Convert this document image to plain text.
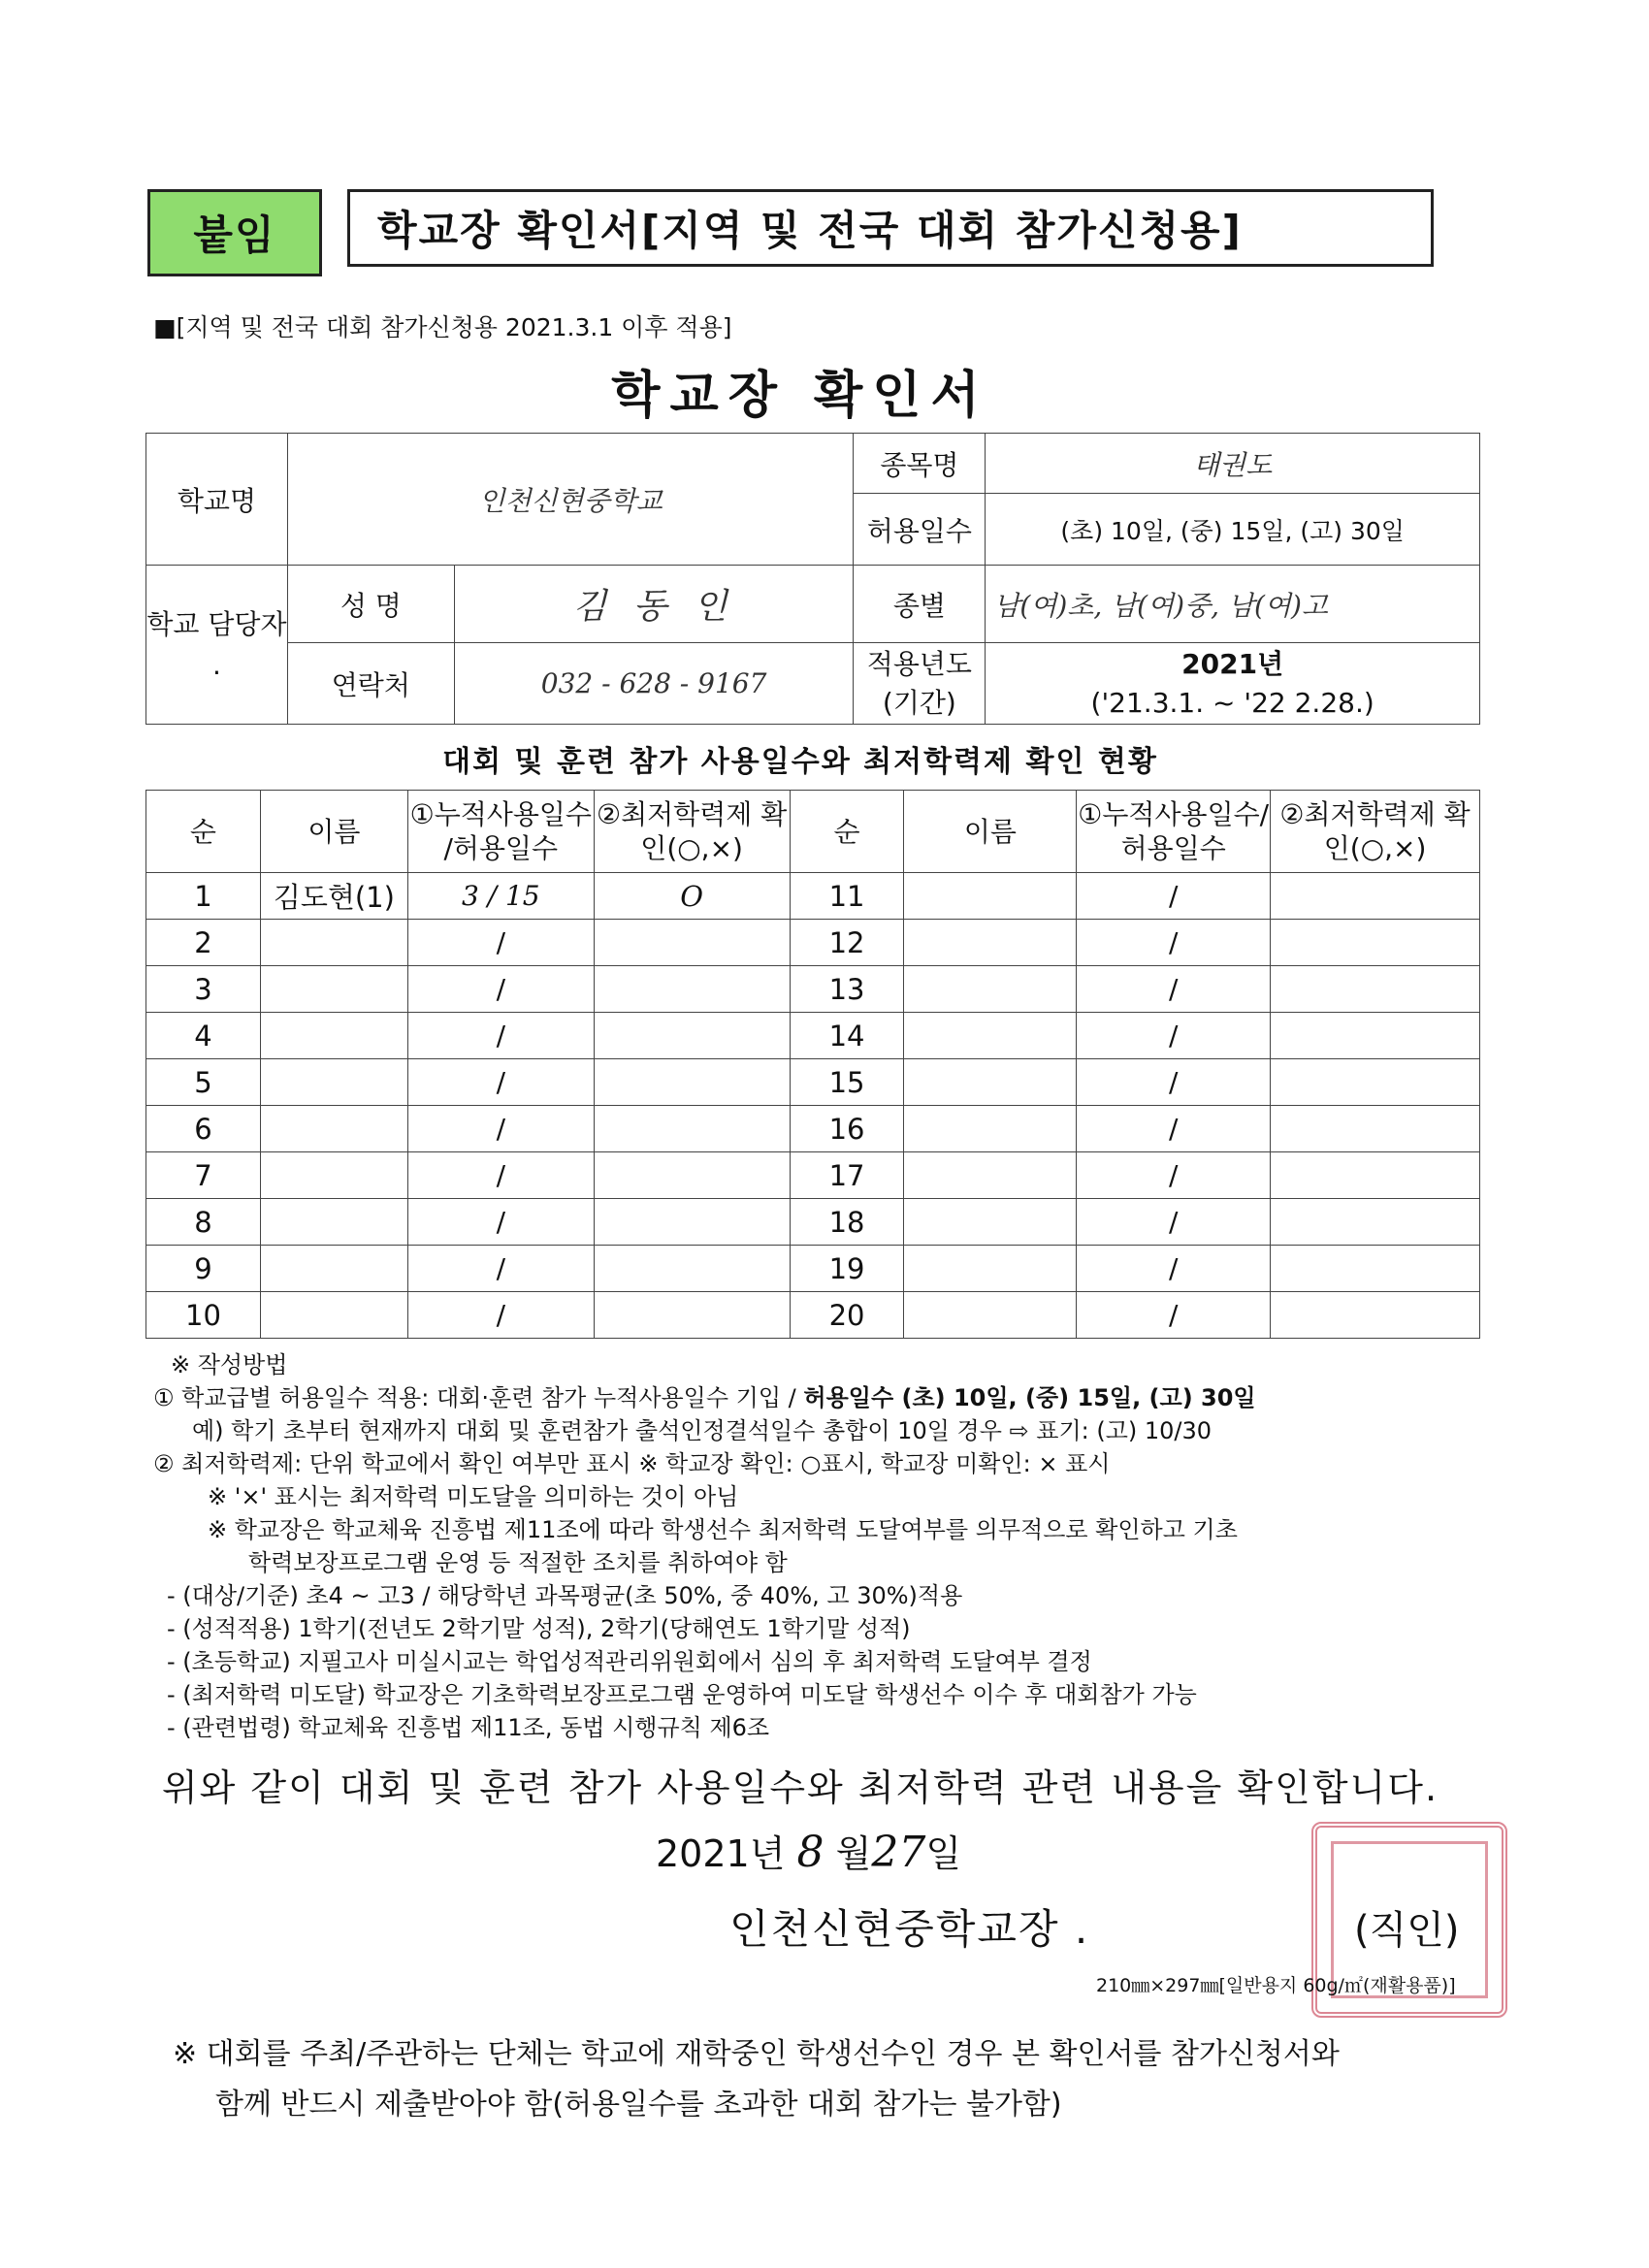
붙임	학교장 확인서[지역 및 전국 대회 참가신청용]
■[지역 및 전국 대회 참가신청용 2021.3.1 이후 적용]
학교장 확인서
학교명	인천신현중학교		종목명	태권도
			허용일수	(초) 10일, (중) 15일, (고) 30일
학교 담당자 .	성 명	김 동 인	종별	남(여)초, 남(여)중, 남(여)고
	연락처	032 - 628 - 9167	적용년도 (기간)	2021년
('21.3.1. ~ '22 2.28.)
대회 및 훈련 참가 사용일수와 최저학력제 확인 현황
순	이름	①누적사용일수 /허용일수	②최저학력제 확인(○,×)	순	이름	①누적사용일수/ 허용일수	②최저학력제 확인(○,×)
1	김도현(1)	3 / 15	O	11		/	
2		/		12		/	
3		/		13		/	
4		/		14		/	
5		/		15		/	
6		/		16		/	
7		/		17		/	
8		/		18		/	
9		/		19		/	
10		/		20		/	
※ 작성방법
① 학교급별 허용일수 적용: 대회·훈련 참가 누적사용일수 기입 / 허용일수 (초) 10일, (중) 15일, (고) 30일
예) 학기 초부터 현재까지 대회 및 훈련참가 출석인정결석일수 총합이 10일 경우 ⇨ 표기: (고) 10/30
② 최저학력제: 단위 학교에서 확인 여부만 표시 ※ 학교장 확인: ○표시, 학교장 미확인: × 표시
※ '×' 표시는 최저학력 미도달을 의미하는 것이 아님
※ 학교장은 학교체육 진흥법 제11조에 따라 학생선수 최저학력 도달여부를 의무적으로 확인하고 기초
학력보장프로그램 운영 등 적절한 조치를 취하여야 함
- (대상/기준) 초4 ~ 고3 / 해당학년 과목평균(초 50%, 중 40%, 고 30%)적용
- (성적적용) 1학기(전년도 2학기말 성적), 2학기(당해연도 1학기말 성적)
- (초등학교) 지필고사 미실시교는 학업성적관리위원회에서 심의 후 최저학력 도달여부 결정
- (최저학력 미도달) 학교장은 기초학력보장프로그램 운영하여 미도달 학생선수 이수 후 대회참가 가능
- (관련법령) 학교체육 진흥법 제11조, 동법 시행규칙 제6조
위와 같이 대회 및 훈련 참가 사용일수와 최저학력 관련 내용을 확인합니다.
2021년 8 월27일
인천신현중학교장 .	(직인)
210㎜×297㎜[일반용지 60g/㎡(재활용품)]
※ 대회를 주최/주관하는 단체는 학교에 재학중인 학생선수인 경우 본 확인서를 참가신청서와
함께 반드시 제출받아야 함(허용일수를 초과한 대회 참가는 불가함)
